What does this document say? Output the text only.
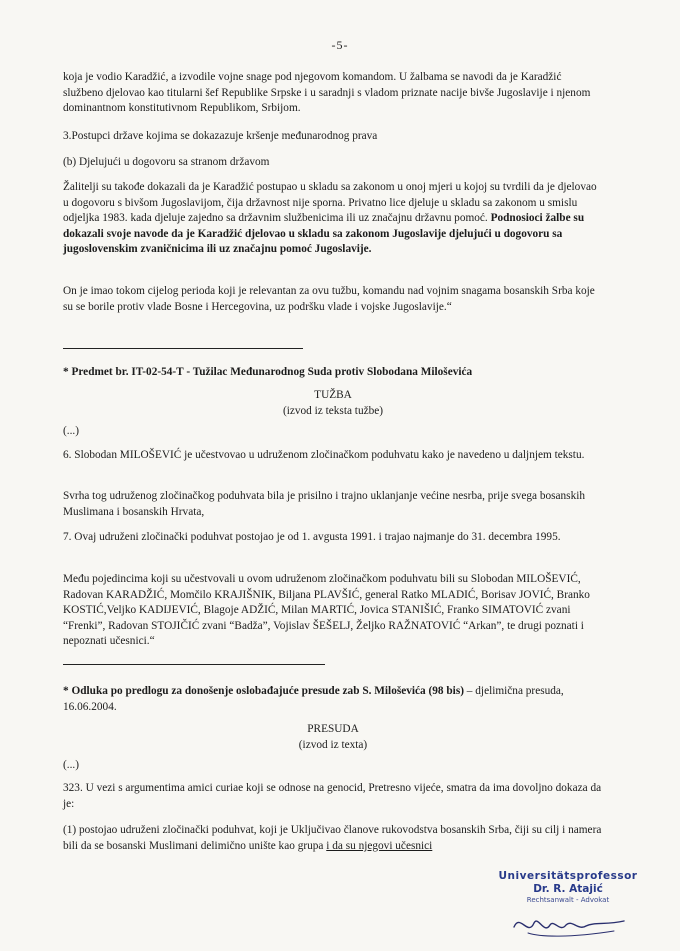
-5-
koja je vodio Karadžić, a izvodile vojne snage pod njegovom komandom. U žalbama se navodi da je Karadžić službeno djelovao kao titularni šef Republike Srpske i u saradnji s vladom priznate nacije bivše Jugoslavije i njenom dominantnom konstitutivnom Republikom, Srbijom.
3.Postupci države kojima se dokazazuje kršenje međunarodnog prava
(b) Djelujući u dogovoru sa stranom državom
Žalitelji su takođe dokazali da je Karadžić postupao u skladu sa zakonom u onoj mjeri u kojoj su tvrdili da je djelovao u dogovoru s bivšom Jugoslavijom, čija državnost nije sporna. Privatno lice djeluje u skladu sa zakonom u smislu odjeljka 1983. kada djeluje zajedno sa državnim službenicima ili uz značajnu državnu pomoć. Podnosioci žalbe su dokazali svoje navode da je Karadžić djelovao u skladu sa zakonom Jugoslavije djelujući u dogovoru sa jugoslovenskim zvaničnicima ili uz značajnu pomoć Jugoslavije.
On je imao tokom cijelog perioda koji je relevantan za ovu tužbu, komandu nad vojnim snagama bosanskih Srba koje su se borile protiv vlade Bosne i Hercegovina, uz podršku vlade i vojske Jugoslavije.“
* Predmet br. IT-02-54-T - Tužilac Međunarodnog Suda protiv Slobodana Miloševića
TUŽBA
(izvod iz teksta tužbe)
(...)
6. Slobodan MILOŠEVIĆ je učestvovao u udruženom zločinačkom poduhvatu kako je navedeno u daljnjem tekstu.
Svrha tog udruženog zločinačkog poduhvata bila je prisilno i trajno uklanjanje većine nesrba, prije svega bosanskih Muslimana i bosanskih Hrvata,
7. Ovaj udruženi zločinački poduhvat postojao je od 1. avgusta 1991. i trajao najmanje do 31. decembra 1995.
Među pojedincima koji su učestvovali u ovom udruženom zločinačkom poduhvatu bili su Slobodan MILOŠEVIĆ, Radovan KARADŽIĆ, Momčilo KRAJIŠNIK, Biljana PLAVŠIĆ, general Ratko MLADIĆ, Borisav JOVIĆ, Branko KOSTIĆ,Veljko KADIJEVIĆ, Blagoje ADŽIĆ, Milan MARTIĆ, Jovica STANIŠIĆ, Franko SIMATOVIĆ zvani “Frenki”, Radovan STOJIČIĆ zvani “Badža”, Vojislav ŠEŠELJ, Željko RAŽNATOVIĆ “Arkan”, te drugi poznati i nepoznati učesnici.“
* Odluka po predlogu za donošenje oslobađajuće presude zab S. Miloševića (98 bis) – djelimična presuda, 16.06.2004.
PRESUDA
(izvod iz texta)
(...)
323. U vezi s argumentima amici curiae koji se odnose na genocid, Pretresno vijeće, smatra da ima dovoljno dokaza da je:
(1) postojao udruženi zločinački poduhvat, koji je Uključivao članove rukovodstva bosanskih Srba, čiji su cilj i namera bili da se bosanski Muslimani delimično unište kao grupa i da su njegovi učesnici
Universitätsprofessor
Dr. R. Atajić
Rechtsanwalt - Advokat
